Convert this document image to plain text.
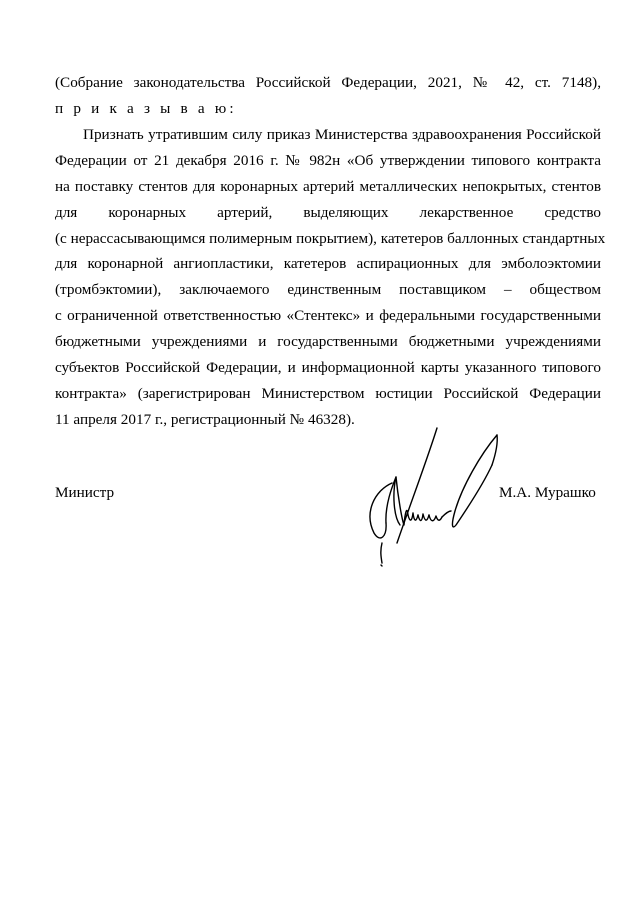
(Собрание законодательства Российской Федерации, 2021, № 42, ст. 7148),
п р и к а з ы в а ю:
Признать утратившим силу приказ Министерства здравоохранения Российской
Федерации от 21 декабря 2016 г. № 982н «Об утверждении типового контракта
на поставку стентов для коронарных артерий металлических непокрытых, стентов
для коронарных артерий, выделяющих лекарственное средство
(с нерассасывающимся полимерным покрытием), катетеров баллонных стандартных
для коронарной ангиопластики, катетеров аспирационных для эмболоэктомии
(тромбэктомии), заключаемого единственным поставщиком – обществом
с ограниченной ответственностью «Стентекс» и федеральными государственными
бюджетными учреждениями и государственными бюджетными учреждениями
субъектов Российской Федерации, и информационной карты указанного типового
контракта» (зарегистрирован Министерством юстиции Российской Федерации
11 апреля 2017 г., регистрационный № 46328).
Министр	М.А. Мурашко
